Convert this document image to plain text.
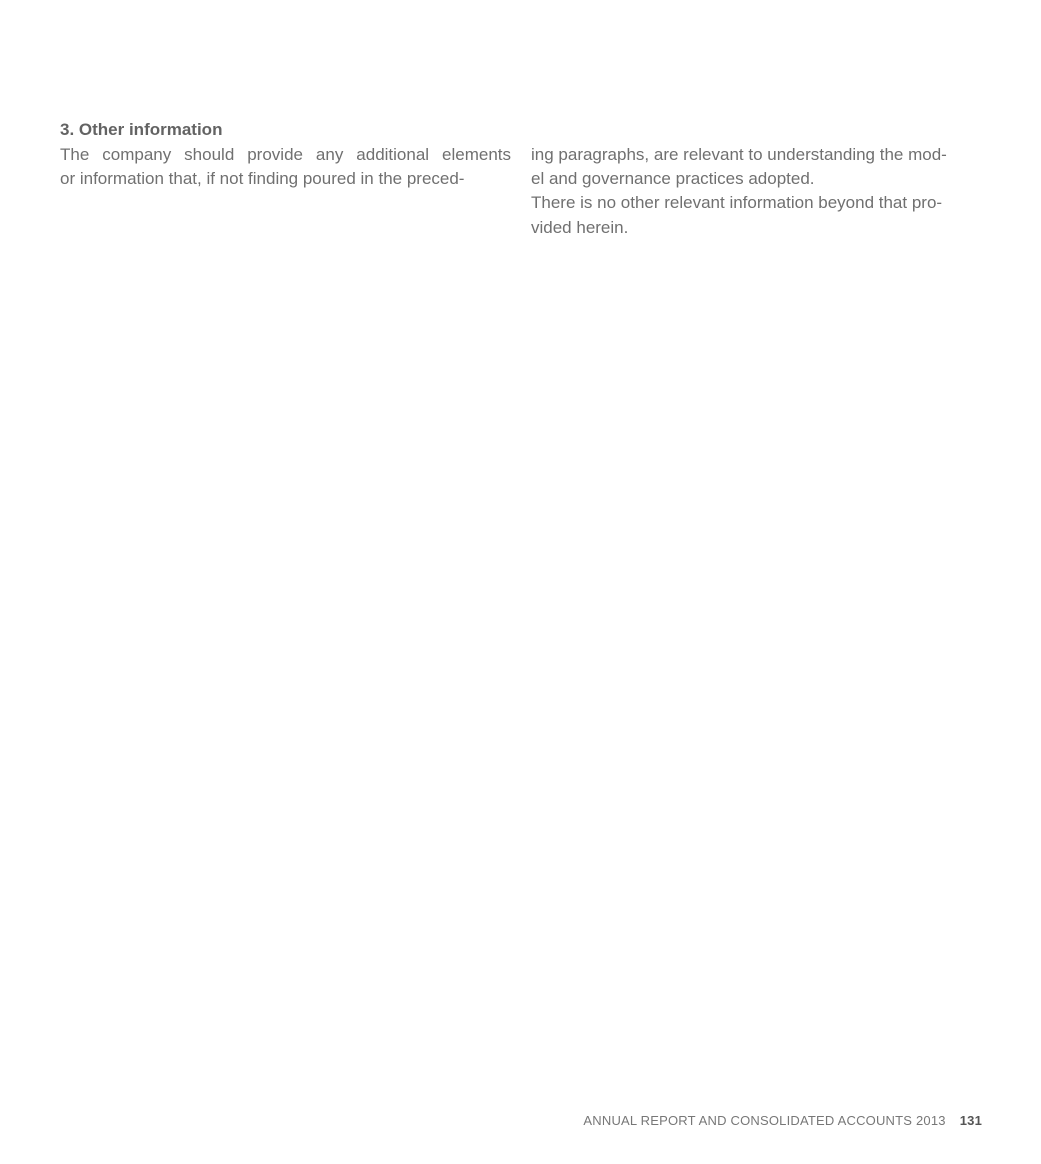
3. Other information

The company should provide any additional elements

or information that, if not finding poured in the preced-

ing paragraphs, are relevant to understanding the mod-

el and governance practices adopted.

There is no other relevant information beyond that pro-

vided herein.

ANNUAL REPORT AND CONSOLIDATED ACCOUNTS 2013 131
